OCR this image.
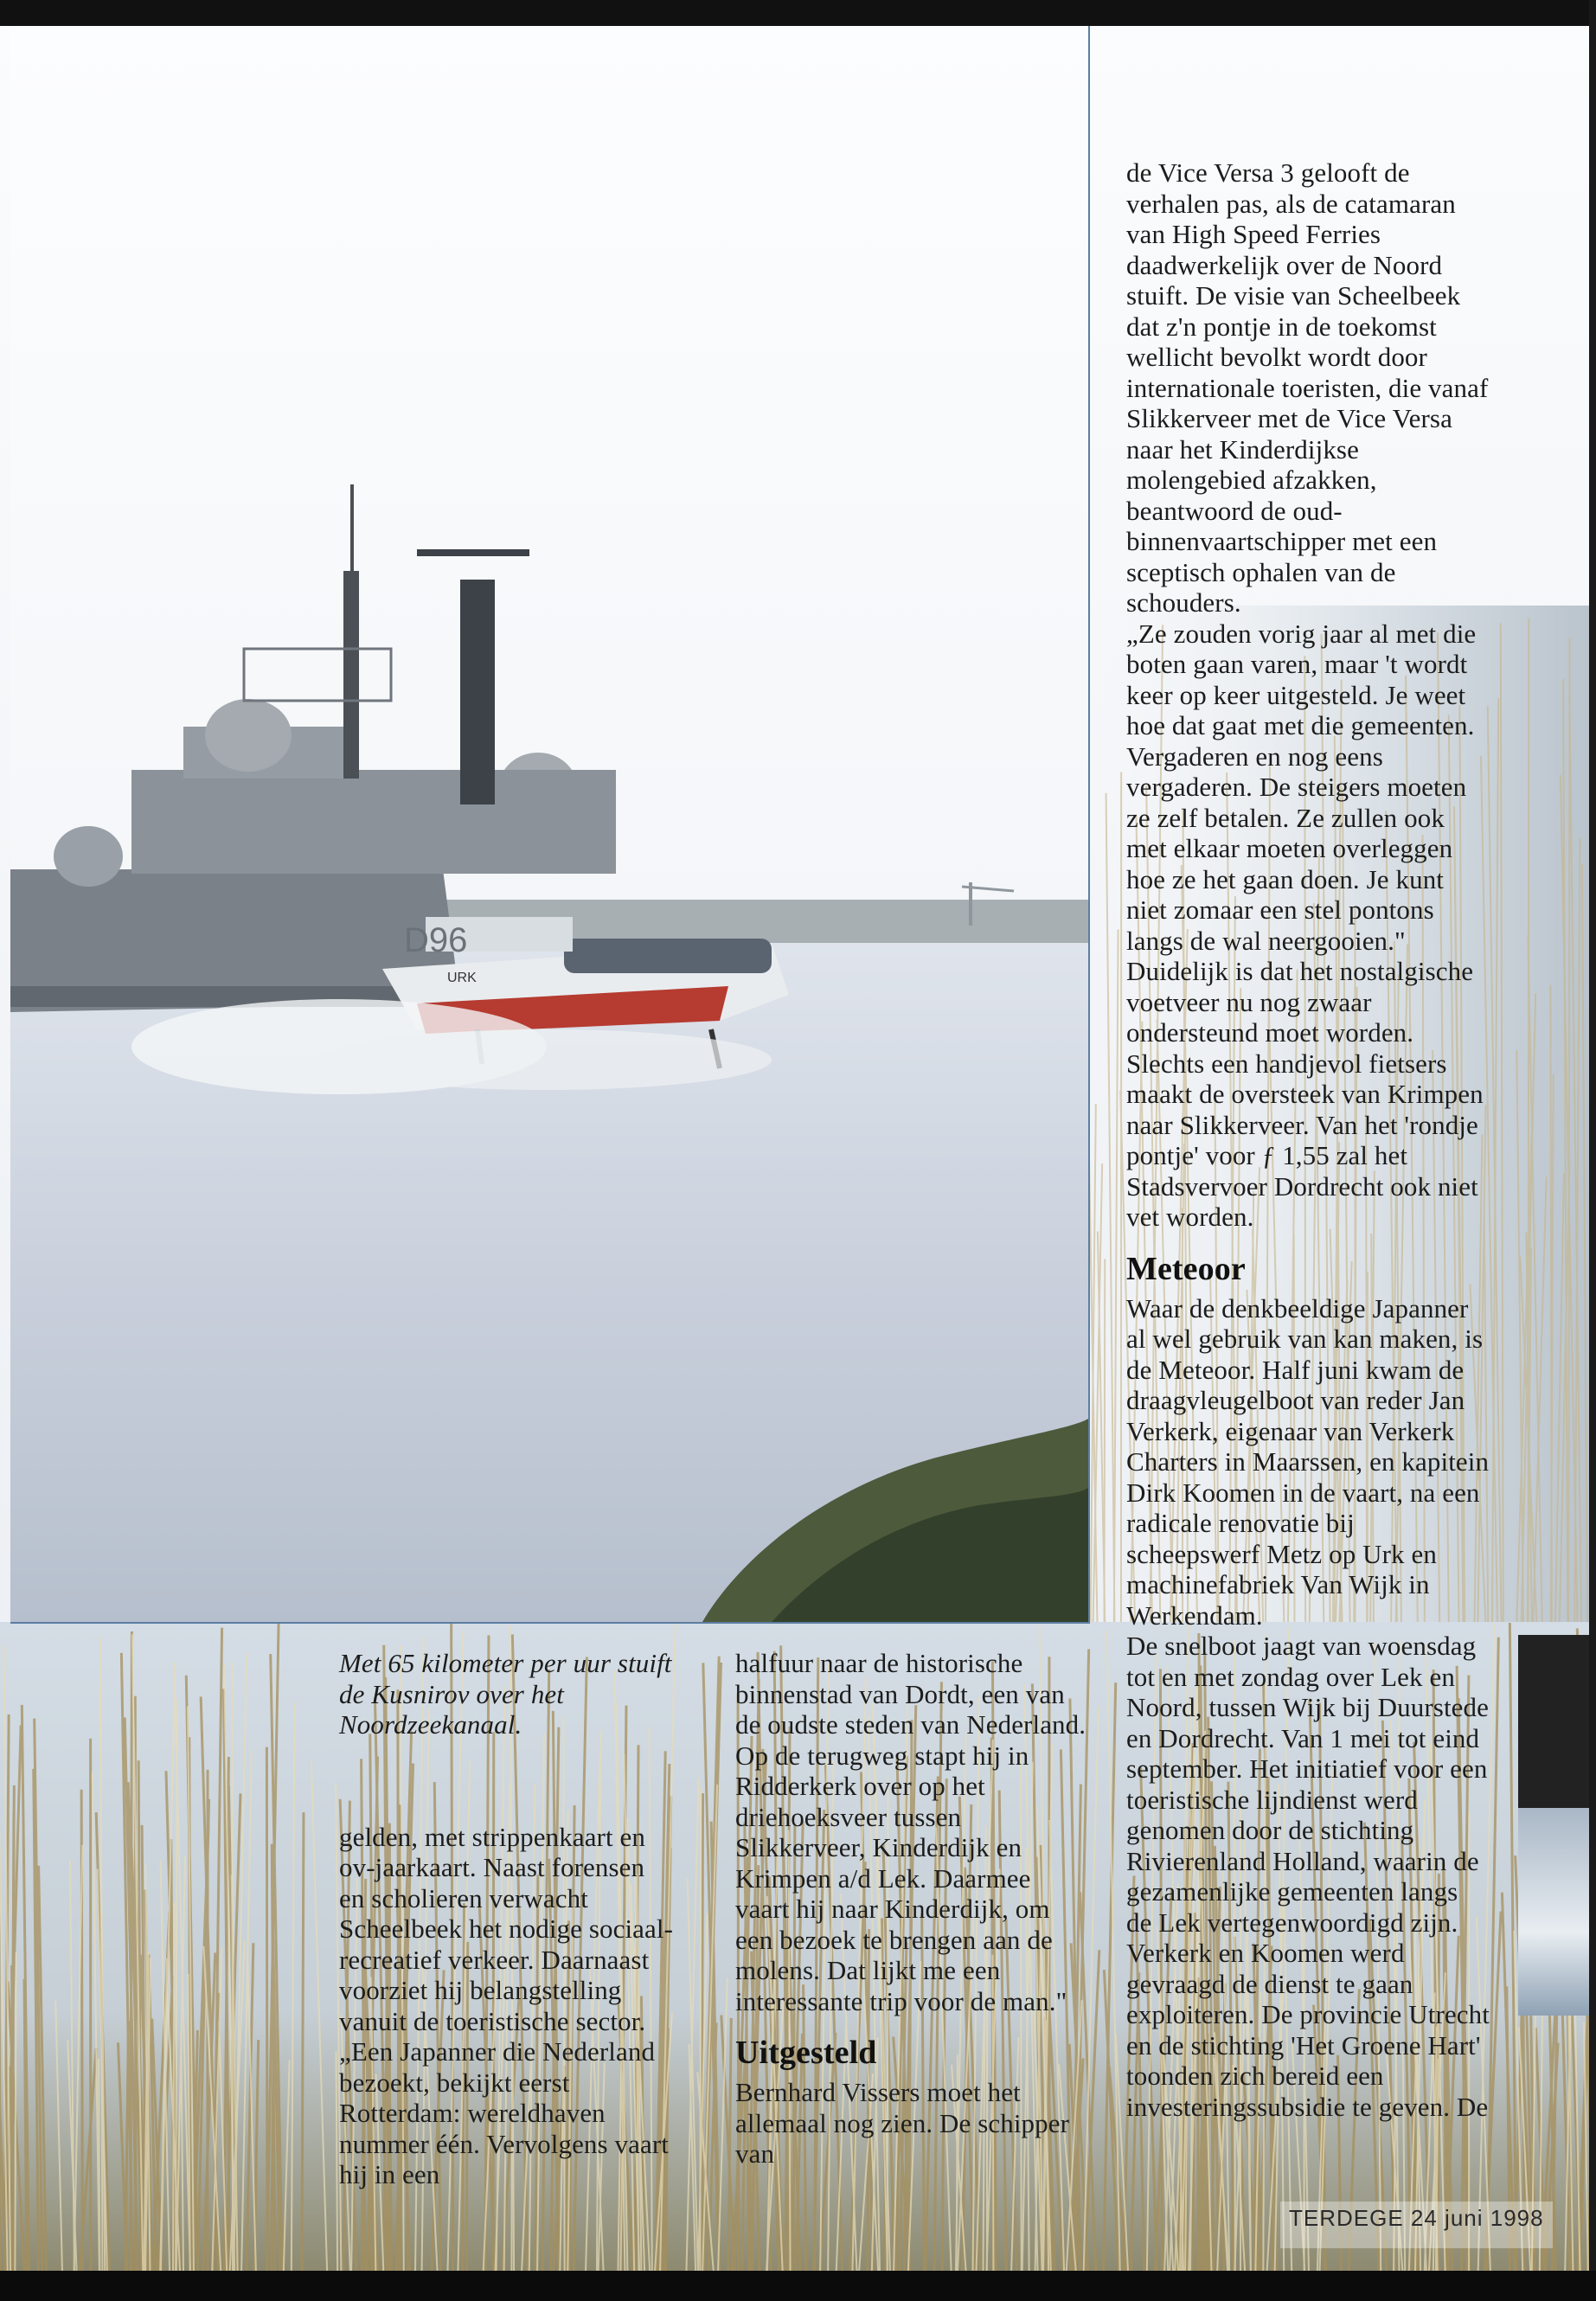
URK
D96

de Vice Versa 3 gelooft de verhalen pas, als de catamaran van High Speed Ferries daadwerkelijk over de Noord stuift. De visie van Scheelbeek dat z'n pontje in de toekomst wellicht bevolkt wordt door internationale toeristen, die vanaf Slikkerveer met de Vice Versa naar het Kinderdijkse molengebied afzakken, beantwoord de oud-binnenvaartschipper met een sceptisch ophalen van de schouders.

„Ze zouden vorig jaar al met die boten gaan varen, maar 't wordt keer op keer uitgesteld. Je weet hoe dat gaat met die gemeenten. Vergaderen en nog eens vergaderen. De steigers moeten ze zelf betalen. Ze zullen ook met elkaar moeten overleggen hoe ze het gaan doen. Je kunt niet zomaar een stel pontons langs de wal neergooien."

Duidelijk is dat het nostalgische voetveer nu nog zwaar ondersteund moet worden. Slechts een handjevol fietsers maakt de oversteek van Krimpen naar Slikkerveer. Van het 'rondje pontje' voor ƒ 1,55 zal het Stadsvervoer Dordrecht ook niet vet worden.

Meteoor

Waar de denkbeeldige Japanner al wel gebruik van kan maken, is de Meteoor. Half juni kwam de draagvleugelboot van reder Jan Verkerk, eigenaar van Verkerk Charters in Maarssen, en kapitein Dirk Koomen in de vaart, na een radicale renovatie bij scheepswerf Metz op Urk en machinefabriek Van Wijk in Werkendam.

De snelboot jaagt van woensdag tot en met zondag over Lek en Noord, tussen Wijk bij Duurstede en Dordrecht. Van 1 mei tot eind september. Het initiatief voor een toeristische lijndienst werd genomen door de stichting Rivierenland Holland, waarin de gezamenlijke gemeenten langs de Lek vertegenwoordigd zijn. Verkerk en Koomen werd gevraagd de dienst te gaan exploiteren. De provincie Utrecht en de stichting 'Het Groene Hart' toonden zich bereid een investeringssubsidie te geven. De

Met 65 kilometer per uur stuift de Kusnirov over het Noordzeekanaal.

gelden, met strippenkaart en ov-jaarkaart. Naast forensen en scholieren verwacht Scheelbeek het nodige sociaal-recreatief verkeer. Daarnaast voorziet hij belangstelling vanuit de toeristische sector.

„Een Japanner die Nederland bezoekt, bekijkt eerst Rotterdam: wereldhaven nummer één. Vervolgens vaart hij in een

halfuur naar de historische binnenstad van Dordt, een van de oudste steden van Nederland. Op de terugweg stapt hij in Ridderkerk over op het driehoeksveer tussen Slikkerveer, Kinderdijk en Krimpen a/d Lek. Daarmee vaart hij naar Kinderdijk, om een bezoek te brengen aan de molens. Dat lijkt me een interessante trip voor de man."

Uitgesteld

Bernhard Vissers moet het allemaal nog zien. De schipper van

TERDEGE 24 juni 1998
